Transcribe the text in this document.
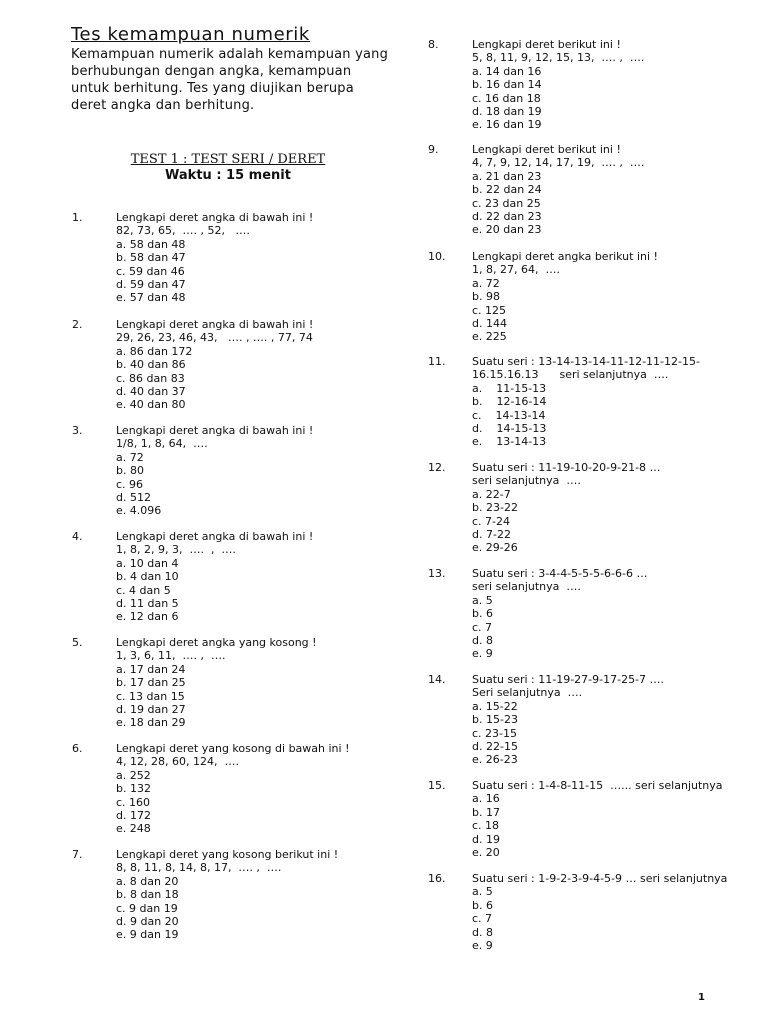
Tes kemampuan numerik

Kemampuan numerik adalah kemampuan yang berhubungan dengan angka, kemampuan untuk berhitung. Tes yang diujikan berupa deret angka dan berhitung.

TEST 1 : TEST SERI / DERET

Waktu : 15 menit

1.	Lengkapi deret angka di bawah ini !
82, 73, 65,  …. , 52,   ….
a. 58 dan 48
b. 58 dan 47
c. 59 dan 46
d. 59 dan 47
e. 57 dan 48
2.	Lengkapi deret angka di bawah ini !
29, 26, 23, 46, 43,   …. , …. , 77, 74
a. 86 dan 172
b. 40 dan 86
c. 86 dan 83
d. 40 dan 37
e. 40 dan 80
3.	Lengkapi deret angka di bawah ini !
1/8, 1, 8, 64,  ….
a. 72
b. 80
c. 96
d. 512
e. 4.096
4.	Lengkapi deret angka di bawah ini !
1, 8, 2, 9, 3,  ….  ,  ….
a. 10 dan 4
b. 4 dan 10
c. 4 dan 5
d. 11 dan 5
e. 12 dan 6
5.	Lengkapi deret angka yang kosong !
1, 3, 6, 11,  …. ,  ….
a. 17 dan 24
b. 17 dan 25
c. 13 dan 15
d. 19 dan 27
e. 18 dan 29
6.	Lengkapi deret yang kosong di bawah ini !
4, 12, 28, 60, 124,  ….
a. 252
b. 132
c. 160
d. 172
e. 248
7.	Lengkapi deret yang kosong berikut ini !
8, 8, 11, 8, 14, 8, 17,  …. ,  ….
a. 8 dan 20
b. 8 dan 18
c. 9 dan 19
d. 9 dan 20
e. 9 dan 19
8.	Lengkapi deret berikut ini !
5, 8, 11, 9, 12, 15, 13,  …. ,  ….
a. 14 dan 16
b. 16 dan 14
c. 16 dan 18
d. 18 dan 19
e. 16 dan 19
9.	Lengkapi deret berikut ini !
4, 7, 9, 12, 14, 17, 19,  …. ,  ….
a. 21 dan 23
b. 22 dan 24
c. 23 dan 25
d. 22 dan 23
e. 20 dan 23
10. Lengkapi deret angka berikut ini !
1, 8, 27, 64,  ….
a. 72
b. 98
c. 125
d. 144
e. 225
11. Suatu seri : 13-14-13-14-11-12-11-12-15-
16.15.16.13      seri selanjutnya  ….
a.    11-15-13
b.    12-16-14
c.    14-13-14
d.    14-15-13
e.    13-14-13
12. Suatu seri : 11-19-10-20-9-21-8 …
seri selanjutnya  ….
a. 22-7
b. 23-22
c. 7-24
d. 7-22
e. 29-26
13. Suatu seri : 3-4-4-5-5-5-6-6-6 …
seri selanjutnya  ….
a. 5
b. 6
c. 7
d. 8
e. 9
14. Suatu seri : 11-19-27-9-17-25-7 ….
Seri selanjutnya  ….
a. 15-22
b. 15-23
c. 23-15
d. 22-15
e. 26-23
15. Suatu seri : 1-4-8-11-15  …... seri selanjutnya
a. 16
b. 17
c. 18
d. 19
e. 20
16. Suatu seri : 1-9-2-3-9-4-5-9 … seri selanjutnya
a. 5
b. 6
c. 7
d. 8
e. 9
1
